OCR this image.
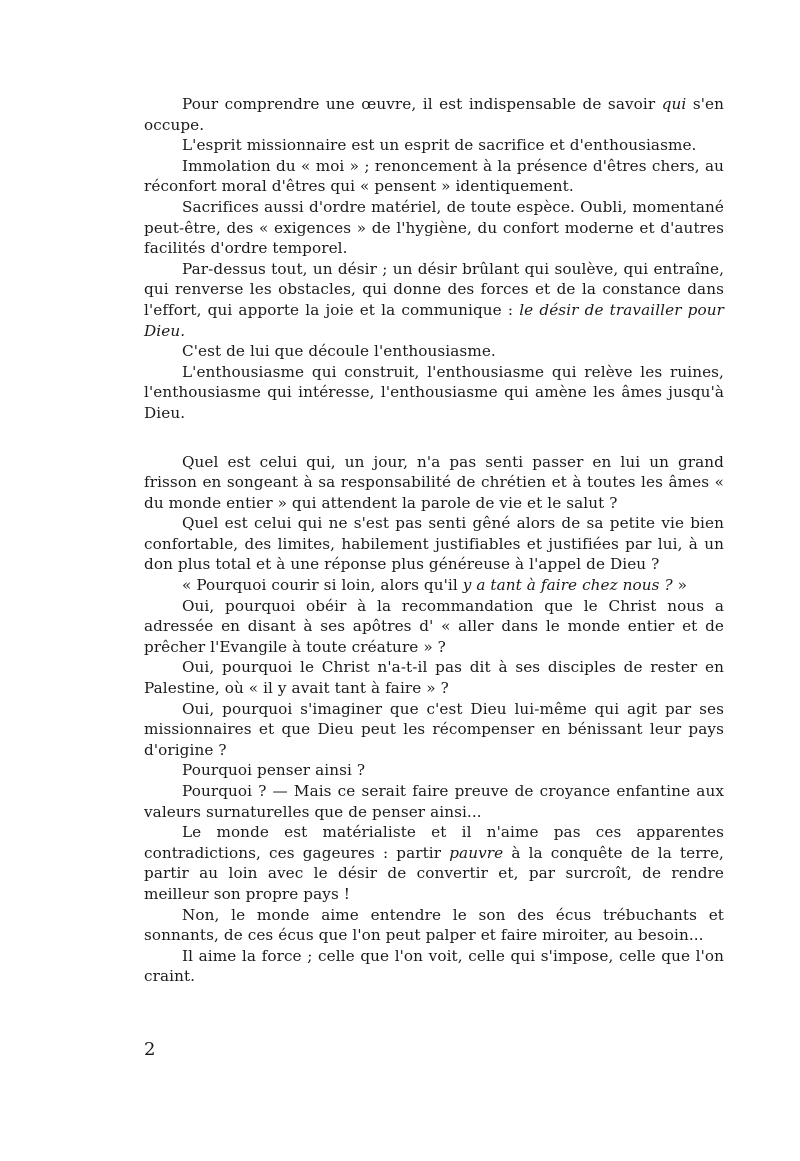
Pour comprendre une œuvre, il est indispensable de savoir qui s'en occupe.

L'esprit missionnaire est un esprit de sacrifice et d'enthousiasme.

Immolation du « moi » ; renoncement à la présence d'êtres chers, au réconfort moral d'êtres qui « pensent » identiquement.

Sacrifices aussi d'ordre matériel, de toute espèce. Oubli, momentané peut-être, des « exigences » de l'hygiène, du confort moderne et d'autres facilités d'ordre temporel.

Par-dessus tout, un désir ; un désir brûlant qui soulève, qui entraîne, qui renverse les obstacles, qui donne des forces et de la constance dans l'effort, qui apporte la joie et la communique : le désir de travailler pour Dieu.

C'est de lui que découle l'enthousiasme.

L'enthousiasme qui construit, l'enthousiasme qui relève les ruines, l'enthousiasme qui intéresse, l'enthousiasme qui amène les âmes jusqu'à Dieu.

Quel est celui qui, un jour, n'a pas senti passer en lui un grand frisson en songeant à sa responsabilité de chrétien et à toutes les âmes « du monde entier » qui attendent la parole de vie et le salut ?

Quel est celui qui ne s'est pas senti gêné alors de sa petite vie bien confortable, des limites, habilement justifiables et justifiées par lui, à un don plus total et à une réponse plus généreuse à l'appel de Dieu ?

« Pourquoi courir si loin, alors qu'il y a tant à faire chez nous ? »

Oui, pourquoi obéir à la recommandation que le Christ nous a adressée en disant à ses apôtres d' « aller dans le monde entier et de prêcher l'Evangile à toute créature » ?

Oui, pourquoi le Christ n'a-t-il pas dit à ses disciples de rester en Palestine, où « il y avait tant à faire » ?

Oui, pourquoi s'imaginer que c'est Dieu lui-même qui agit par ses missionnaires et que Dieu peut les récompenser en bénissant leur pays d'origine ?

Pourquoi penser ainsi ?

Pourquoi ? — Mais ce serait faire preuve de croyance enfantine aux valeurs surnaturelles que de penser ainsi...

Le monde est matérialiste et il n'aime pas ces apparentes contradictions, ces gageures : partir pauvre à la conquête de la terre, partir au loin avec le désir de convertir et, par surcroît, de rendre meilleur son propre pays !

Non, le monde aime entendre le son des écus trébuchants et sonnants, de ces écus que l'on peut palper et faire miroiter, au besoin...

Il aime la force ; celle que l'on voit, celle qui s'impose, celle que l'on craint.

2
